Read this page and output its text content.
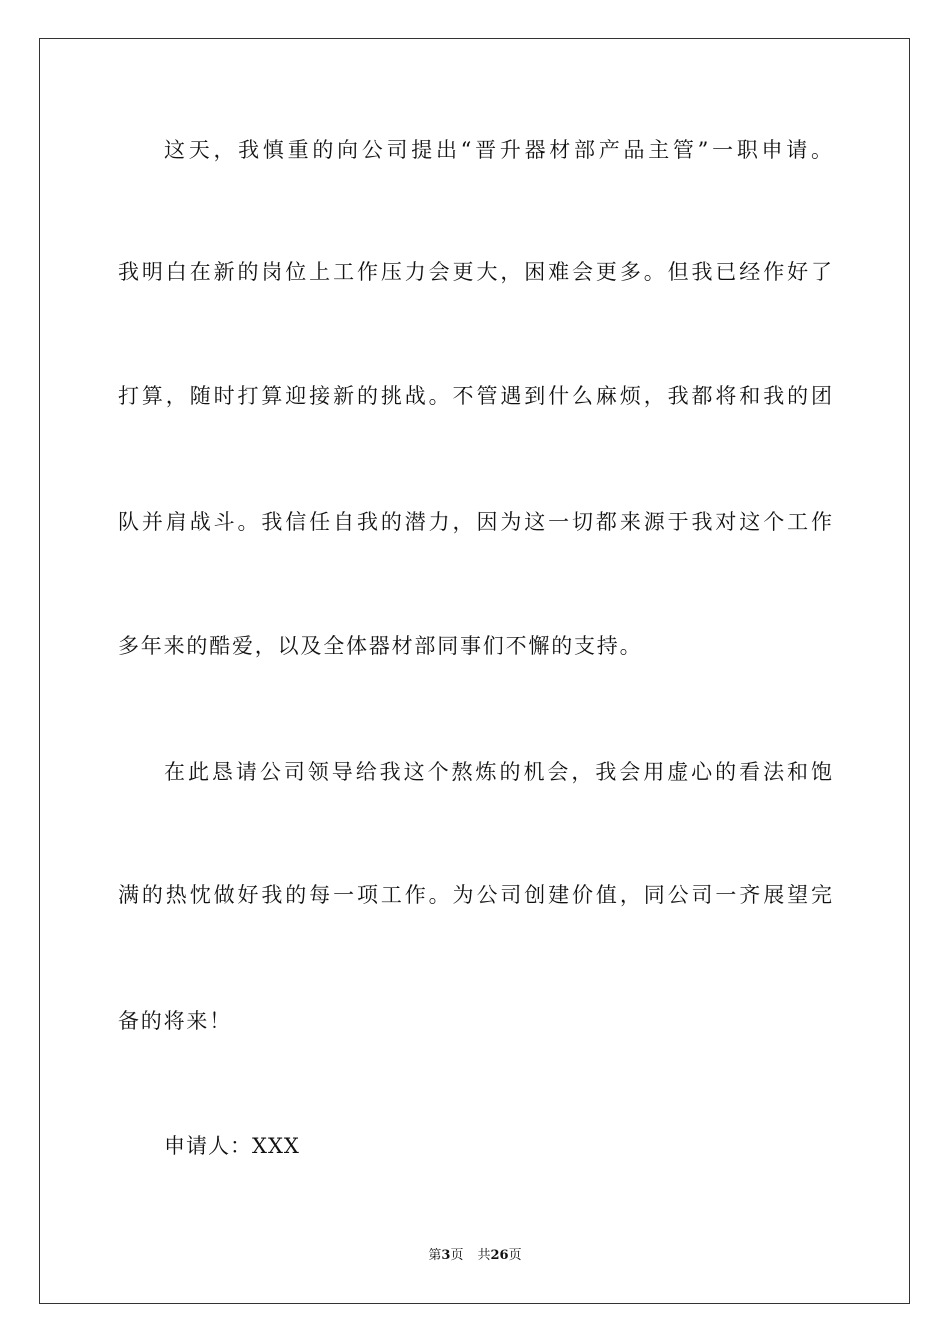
这天，我慎重的向公司提出“晋升器材部产品主管”一职申请。
我明白在新的岗位上工作压力会更大，困难会更多。但我已经作好了
打算，随时打算迎接新的挑战。不管遇到什么麻烦，我都将和我的团
队并肩战斗。我信任自我的潜力，因为这一切都来源于我对这个工作
多年来的酷爱，以及全体器材部同事们不懈的支持。
在此恳请公司领导给我这个熬炼的机会，我会用虚心的看法和饱
满的热忱做好我的每一项工作。为公司创建价值，同公司一齐展望完
备的将来！
申请人：XXX
第3页 共26页
